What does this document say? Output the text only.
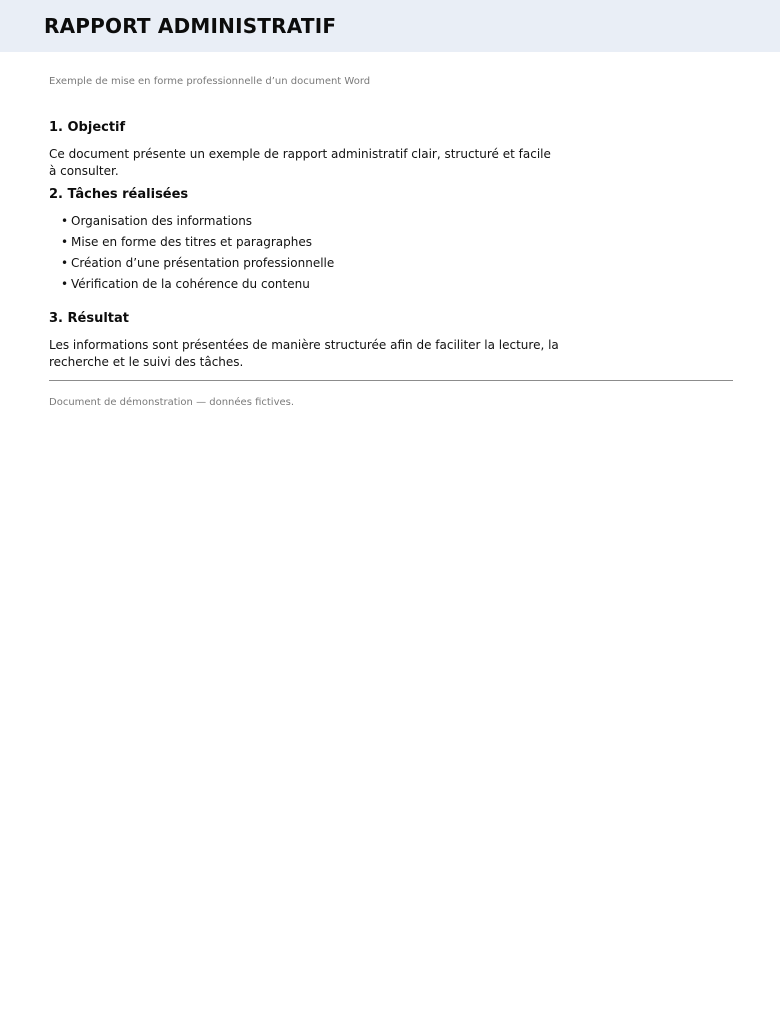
RAPPORT ADMINISTRATIF

Exemple de mise en forme professionnelle d’un document Word

1. Objectif

Ce document présente un exemple de rapport administratif clair, structuré et facile à consulter.

2. Tâches réalisées
• Organisation des informations
• Mise en forme des titres et paragraphes
• Création d’une présentation professionnelle
• Vérification de la cohérence du contenu
3. Résultat

Les informations sont présentées de manière structurée afin de faciliter la lecture, la recherche et le suivi des tâches.

Document de démonstration — données fictives.
